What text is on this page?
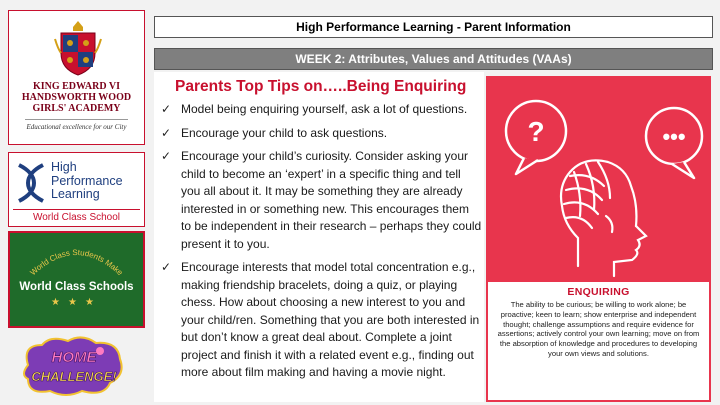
KING EDWARD VI
HANDSWORTH WOOD
GIRLS' ACADEMY
Educational excellence for our City
High
Performance
Learning
World Class School
World Class Students Make
World Class Schools
★★★
HOME
CHALLENGE!
High Performance Learning - Parent Information
WEEK 2: Attributes, Values and Attitudes (VAAs)
Parents Top Tips on…..Being Enquiring
✓ Model being enquiring yourself, ask a lot of questions.
✓ Encourage your child to ask questions.
✓ Encourage your child’s curiosity. Consider asking your child to become an ‘expert’ in a specific thing and tell you all about it. It may be something they are already interested in or something new. This encourages them to be independent in their research – perhaps they could present it to you.
✓ Encourage interests that model total concentration e.g., making friendship bracelets, doing a quiz, or playing chess. How about choosing a new interest to you and your child/ren. Something that you are both interested in but don’t know a great deal about. Complete a joint project and finish it with a related event e.g., finding out more about film making and having a movie night.
?	•••
ENQUIRING
The ability to be curious; be willing to work alone; be proactive; keen to learn; show enterprise and independent thought; challenge assumptions and require evidence for assertions; actively control your own learning; move on from the absorption of knowledge and procedures to developing your own views and solutions.
